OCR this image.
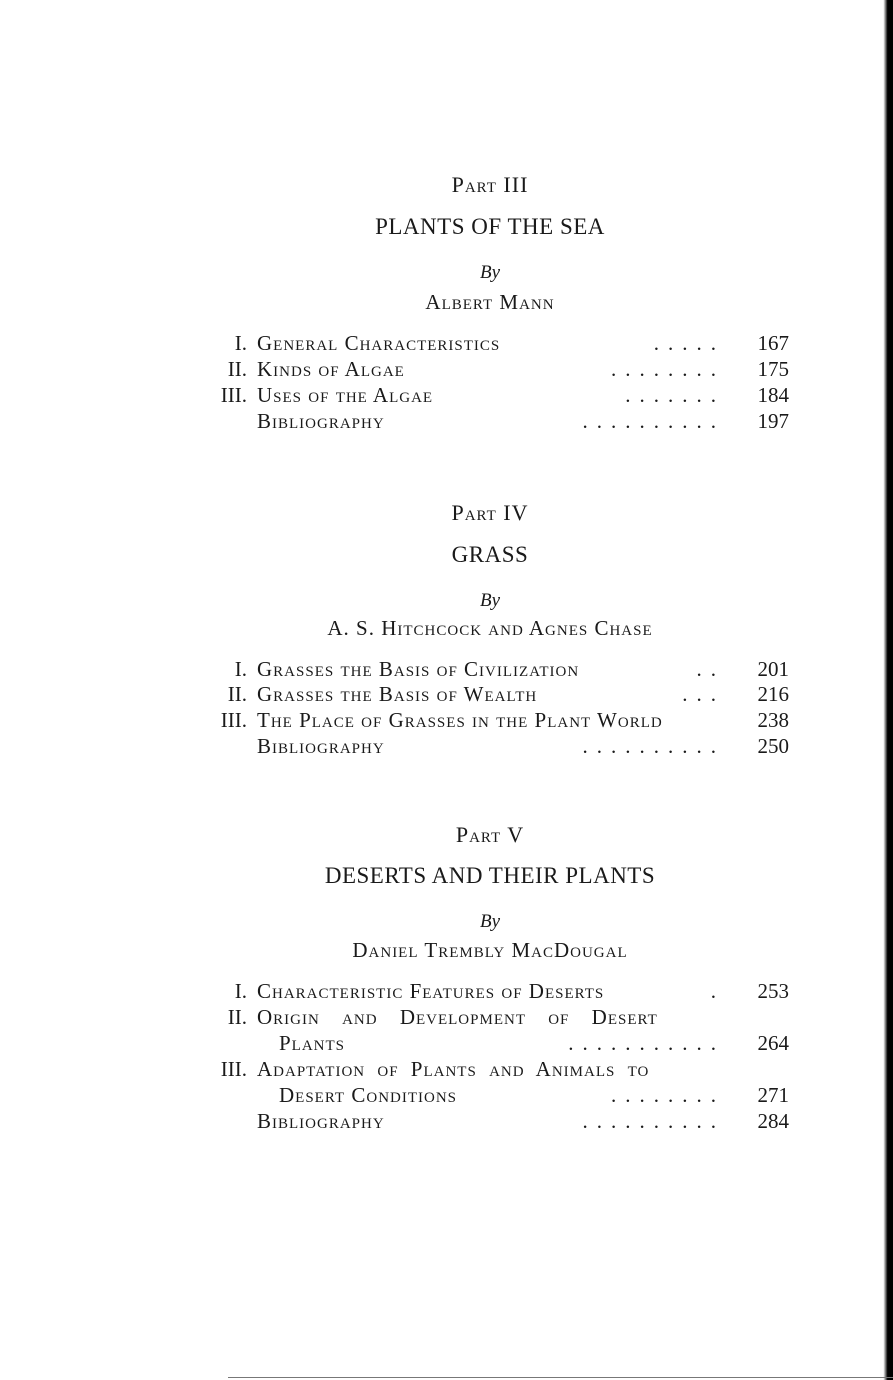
Part III
PLANTS OF THE SEA
By
Albert Mann
I. General Characteristics	.....	167
II. Kinds of Algae	........	175
III. Uses of the Algae	.......	184
Bibliography	..........	197
Part IV
GRASS
By
A. S. Hitchcock and Agnes Chase
I. Grasses the Basis of Civilization	..	201
II. Grasses the Basis of Wealth	...	216
III. The Place of Grasses in the Plant World	238
Bibliography	..........	250
Part V
DESERTS AND THEIR PLANTS
By
Daniel Trembly MacDougal
I. Characteristic Features of Deserts	.	253
II. Origin and Development of Desert
Plants	...........	264
III. Adaptation of Plants and Animals to
Desert Conditions	........	271
Bibliography	..........	284
